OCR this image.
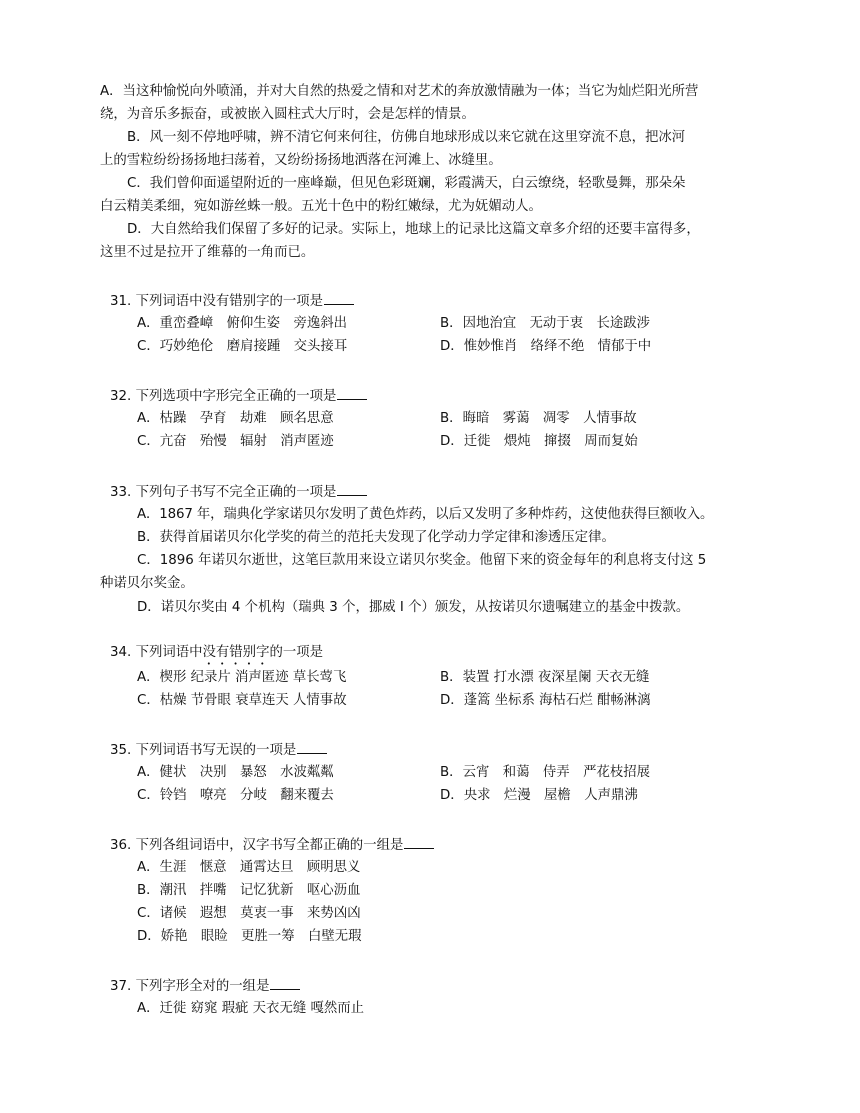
A．当这种愉悦向外喷涌，并对大自然的热爱之情和对艺术的奔放激情融为一体；当它为灿烂阳光所营
绕，为音乐多振奋，或被嵌入圆柱式大厅时，会是怎样的情景。
B．风一刻不停地呼啸，辨不清它何来何往，仿佛自地球形成以来它就在这里穿流不息，把冰河
上的雪粒纷纷扬扬地扫荡着，又纷纷扬扬地洒落在河滩上、冰缝里。
C．我们曾仰面遥望附近的一座峰巅，但见色彩斑斓，彩霞满天，白云缭绕，轻歌曼舞，那朵朵
白云精美柔细，宛如游丝蛛一般。五光十色中的粉红嫩绿，尤为妩媚动人。
D．大自然给我们保留了多好的记录。实际上，地球上的记录比这篇文章多介绍的还要丰富得多，
这里不过是拉开了维幕的一角而已。
31. 下列词语中没有错别字的一项是
A．重峦叠嶂　俯仰生姿　旁逸斜出	B．因地治宜　无动于衷　长途跋涉
C．巧妙绝伦　磨肩接踵　交头接耳	D．惟妙惟肖　络绎不绝　情郁于中
32. 下列选项中字形完全正确的一项是
A．枯躁　孕育　劫难　顾名思意	B．晦暗　雾蔼　凋零　人情事故
C．亢奋　殆慢　辐射　消声匿迹	D．迁徙　煨炖　撺掇　周而复始
33. 下列句子书写不完全正确的一项是
A．1867 年，瑞典化学家诺贝尔发明了黄色炸药，以后又发明了多种炸药，这使他获得巨额收入。
B．获得首届诺贝尔化学奖的荷兰的范托夫发现了化学动力学定律和渗透压定律。
C．1896 年诺贝尔逝世，这笔巨款用来设立诺贝尔奖金。他留下来的资金每年的利息将支付这 5
种诺贝尔奖金。
D．诺贝尔奖由 4 个机构（瑞典 3 个，挪威 I 个）颁发，从按诺贝尔遗嘱建立的基金中拨款。
34. 下列词语中没有错别字的一项是
A．楔形 纪录片 消声匿迹 草长莺飞	B．装置 打水漂 夜深星阑 天衣无缝
C．枯燥 节骨眼 衰草连天 人情事故	D．蓬篙 坐标系 海枯石烂 酣畅淋漓
35. 下列词语书写无误的一项是
A．健状　决别　暴怒　水波粼粼	B．云宵　和蔼　侍弄　严花枝招展
C．铃铛　嘹亮　分岐　翻来覆去	D．央求　烂漫　屋檐　人声鼎沸
36. 下列各组词语中，汉字书写全都正确的一组是
A．生涯　惬意　通霄达旦　顾明思义
B．潮汛　拌嘴　记忆犹新　呕心沥血
C．诸候　遐想　莫衷一事　来势凶凶
D．娇艳　眼睑　更胜一筹　白壁无瑕
37. 下列字形全对的一组是
A．迁徙 窈窕 瑕疵 天衣无缝 嘎然而止
